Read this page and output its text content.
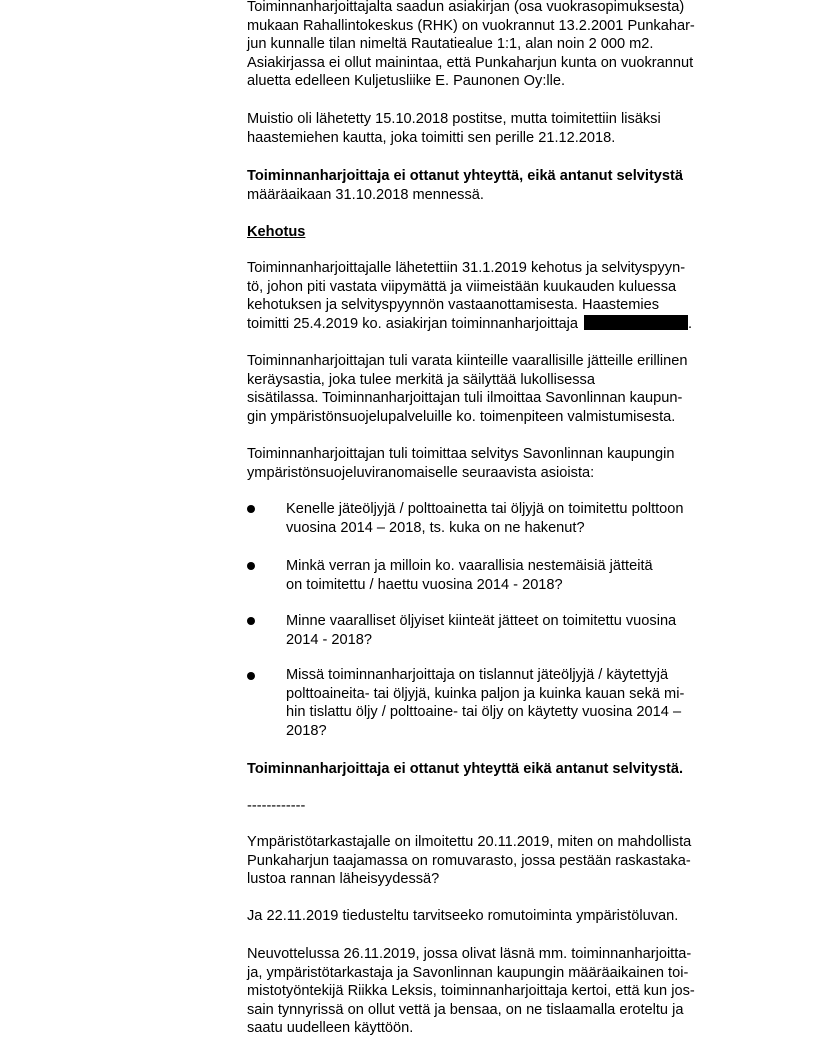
Toiminnanharjoittajalta saadun asiakirjan (osa vuokrasopimuksesta)
mukaan Rahallintokeskus (RHK) on vuokrannut 13.2.2001 Punkahar-
jun kunnalle tilan nimeltä Rautatiealue 1:1, alan noin 2 000 m2.
Asiakirjassa ei ollut mainintaa, että Punkaharjun kunta on vuokrannut
aluetta edelleen Kuljetusliike E. Paunonen Oy:lle.
Muistio oli lähetetty 15.10.2018 postitse, mutta toimitettiin lisäksi
haastemiehen kautta, joka toimitti sen perille 21.12.2018.
Toiminnanharjoittaja ei ottanut yhteyttä, eikä antanut selvitystä
määräaikaan 31.10.2018 mennessä.
Kehotus
Toiminnanharjoittajalle lähetettiin 31.1.2019 kehotus ja selvityspyyn-
tö, johon piti vastata viipymättä ja viimeistään kuukauden kuluessa
kehotuksen ja selvityspyynnön vastaanottamisesta. Haastemies
toimitti 25.4.2019 ko. asiakirjan toiminnanharjoittaja	.
Toiminnanharjoittajan tuli varata kiinteille vaarallisille jätteille erillinen
keräysastia, joka tulee merkitä ja säilyttää lukollisessa
sisätilassa. Toiminnanharjoittajan tuli ilmoittaa Savonlinnan kaupun-
gin ympäristönsuojelupalveluille ko. toimenpiteen valmistumisesta.
Toiminnanharjoittajan tuli toimittaa selvitys Savonlinnan kaupungin
ympäristönsuojeluviranomaiselle seuraavista asioista:
Kenelle jäteöljyjä / polttoainetta tai öljyjä on toimitettu polttoon
vuosina 2014 – 2018, ts. kuka on ne hakenut?
Minkä verran ja milloin ko. vaarallisia nestemäisiä jätteitä
on toimitettu / haettu vuosina 2014 - 2018?
Minne vaaralliset öljyiset kiinteät jätteet on toimitettu vuosina
2014 - 2018?
Missä toiminnanharjoittaja on tislannut jäteöljyjä / käytettyjä
polttoaineita- tai öljyjä, kuinka paljon ja kuinka kauan sekä mi-
hin tislattu öljy / polttoaine- tai öljy on käytetty vuosina 2014 –
2018?
Toiminnanharjoittaja ei ottanut yhteyttä eikä antanut selvitystä.
------------
Ympäristötarkastajalle on ilmoitettu 20.11.2019, miten on mahdollista
Punkaharjun taajamassa on romuvarasto, jossa pestään raskastaka-
lustoa rannan läheisyydessä?
Ja 22.11.2019 tiedusteltu tarvitseeko romutoiminta ympäristöluvan.
Neuvottelussa 26.11.2019, jossa olivat läsnä mm. toiminnanharjoitta-
ja, ympäristötarkastaja ja Savonlinnan kaupungin määräaikainen toi-
mistotyöntekijä Riikka Leksis, toiminnanharjoittaja kertoi, että kun jos-
sain tynnyrissä on ollut vettä ja bensaa, on ne tislaamalla eroteltu ja
saatu uudelleen käyttöön.
